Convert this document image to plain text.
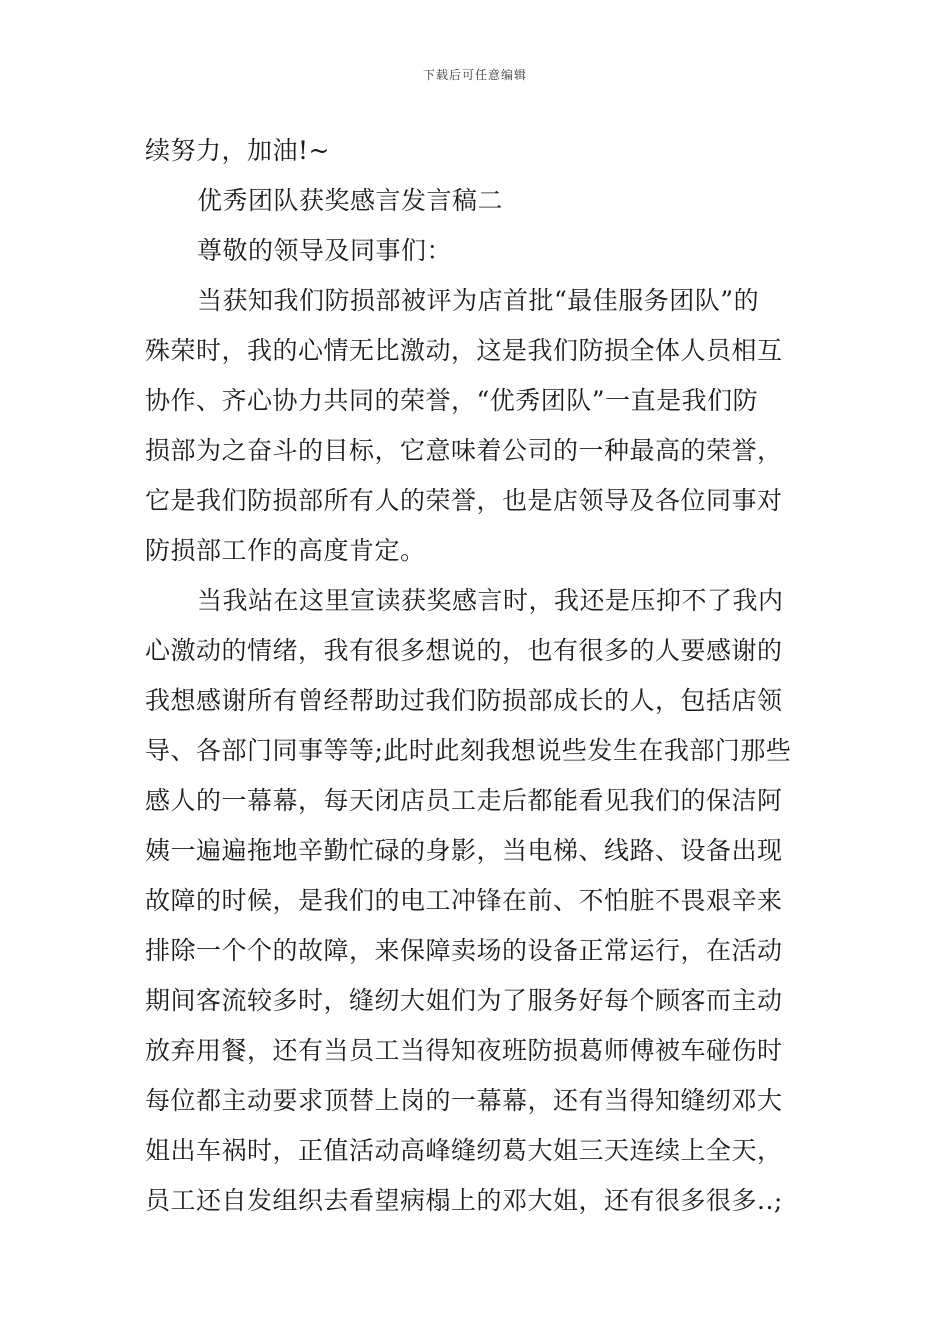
下载后可任意编辑
续努力，加油!~
优秀团队获奖感言发言稿二
尊敬的领导及同事们：
当获知我们防损部被评为店首批“最佳服务团队”的
殊荣时，我的心情无比激动，这是我们防损全体人员相互
协作、齐心协力共同的荣誉，“优秀团队”一直是我们防
损部为之奋斗的目标，它意味着公司的一种最高的荣誉，
它是我们防损部所有人的荣誉，也是店领导及各位同事对
防损部工作的高度肯定。
当我站在这里宣读获奖感言时，我还是压抑不了我内
心激动的情绪，我有很多想说的，也有很多的人要感谢的
我想感谢所有曾经帮助过我们防损部成长的人，包括店领
导、各部门同事等等;此时此刻我想说些发生在我部门那些
感人的一幕幕，每天闭店员工走后都能看见我们的保洁阿
姨一遍遍拖地辛勤忙碌的身影，当电梯、线路、设备出现
故障的时候，是我们的电工冲锋在前、不怕脏不畏艰辛来
排除一个个的故障，来保障卖场的设备正常运行，在活动
期间客流较多时，缝纫大姐们为了服务好每个顾客而主动
放弃用餐，还有当员工当得知夜班防损葛师傅被车碰伤时
每位都主动要求顶替上岗的一幕幕，还有当得知缝纫邓大
姐出车祸时，正值活动高峰缝纫葛大姐三天连续上全天，
员工还自发组织去看望病榻上的邓大姐，还有很多很多..;
